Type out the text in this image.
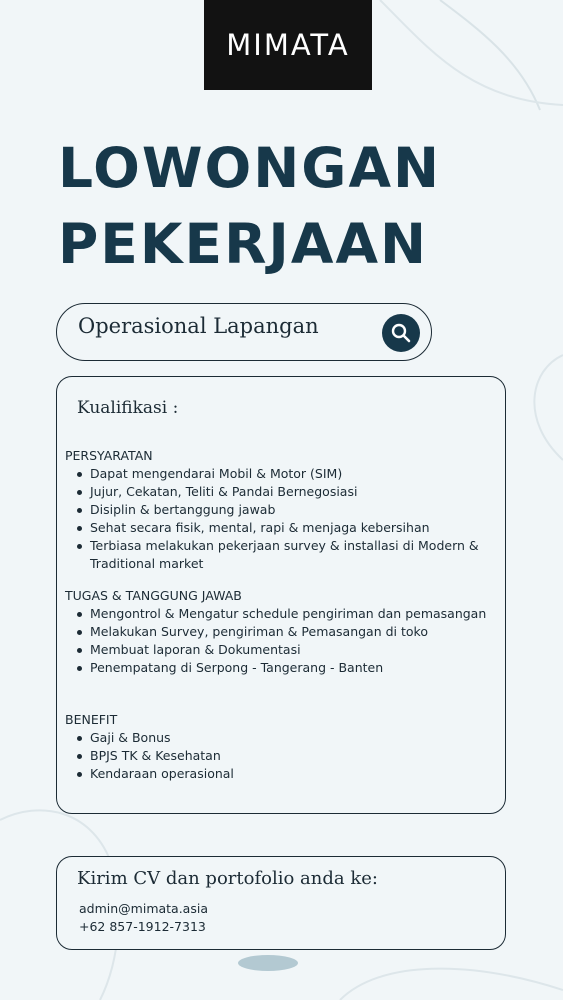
MIMATA
LOWONGAN
PEKERJAAN
Operasional Lapangan
Kualifikasi :
PERSYARATAN
Dapat mengendarai Mobil & Motor (SIM)
Jujur, Cekatan, Teliti & Pandai Bernegosiasi
Disiplin & bertanggung jawab
Sehat secara fisik, mental, rapi & menjaga kebersihan
Terbiasa melakukan pekerjaan survey & installasi di Modern & Traditional market
TUGAS & TANGGUNG JAWAB
Mengontrol & Mengatur schedule pengiriman dan pemasangan
Melakukan Survey, pengiriman & Pemasangan di toko
Membuat laporan & Dokumentasi
Penempatang di Serpong - Tangerang - Banten
BENEFIT
Gaji & Bonus
BPJS TK & Kesehatan
Kendaraan operasional
Kirim CV dan portofolio anda ke:
admin@mimata.asia
+62 857-1912-7313
